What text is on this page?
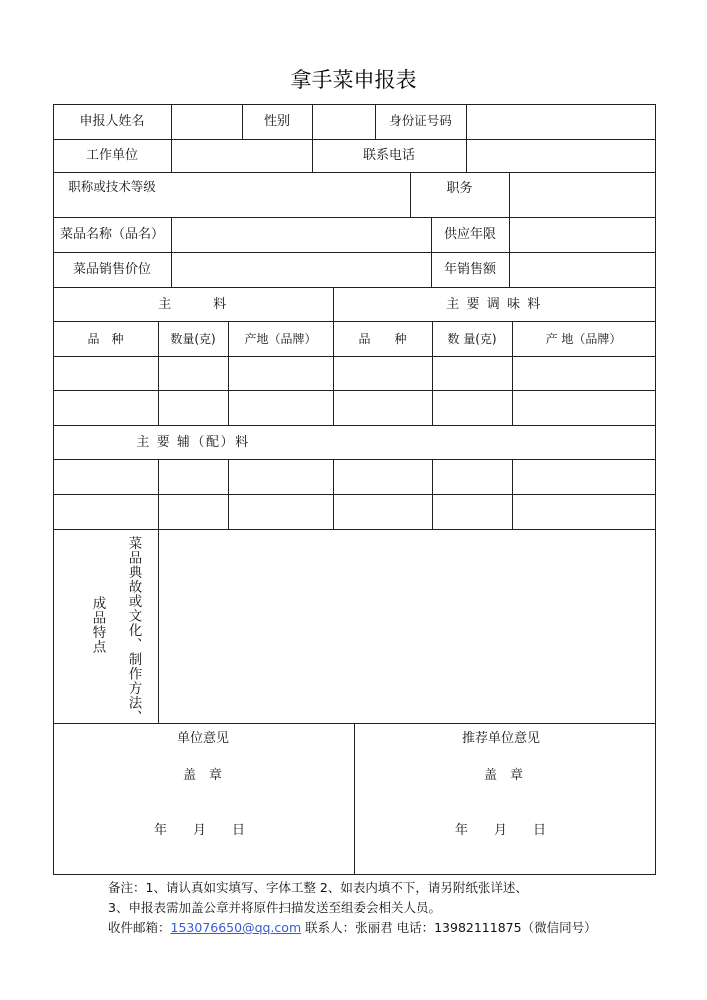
拿手菜申报表
申报人姓名	性别	身份证号码
工作单位	联系电话
职称或技术等级	职务
菜品名称（品名）	供应年限
菜品销售价位	年销售额
主 　　 料	主 要 调 味 料
品　种	数量(克)	产地（品牌）	品　　种	数 量(克)	产 地（品牌）
主 要 辅（配）料
菜品典故或文化、制作方法、
成品特点
单位意见
盖　章
年　　月　　日
推荐单位意见
盖　章
年　　月　　日
备注：1、请认真如实填写、字体工整 2、如表内填不下，请另附纸张详述、
3、申报表需加盖公章并将原件扫描发送至组委会相关人员。
收件邮箱：153076650@qq.com 联系人：张丽君 电话：13982111875（微信同号）
